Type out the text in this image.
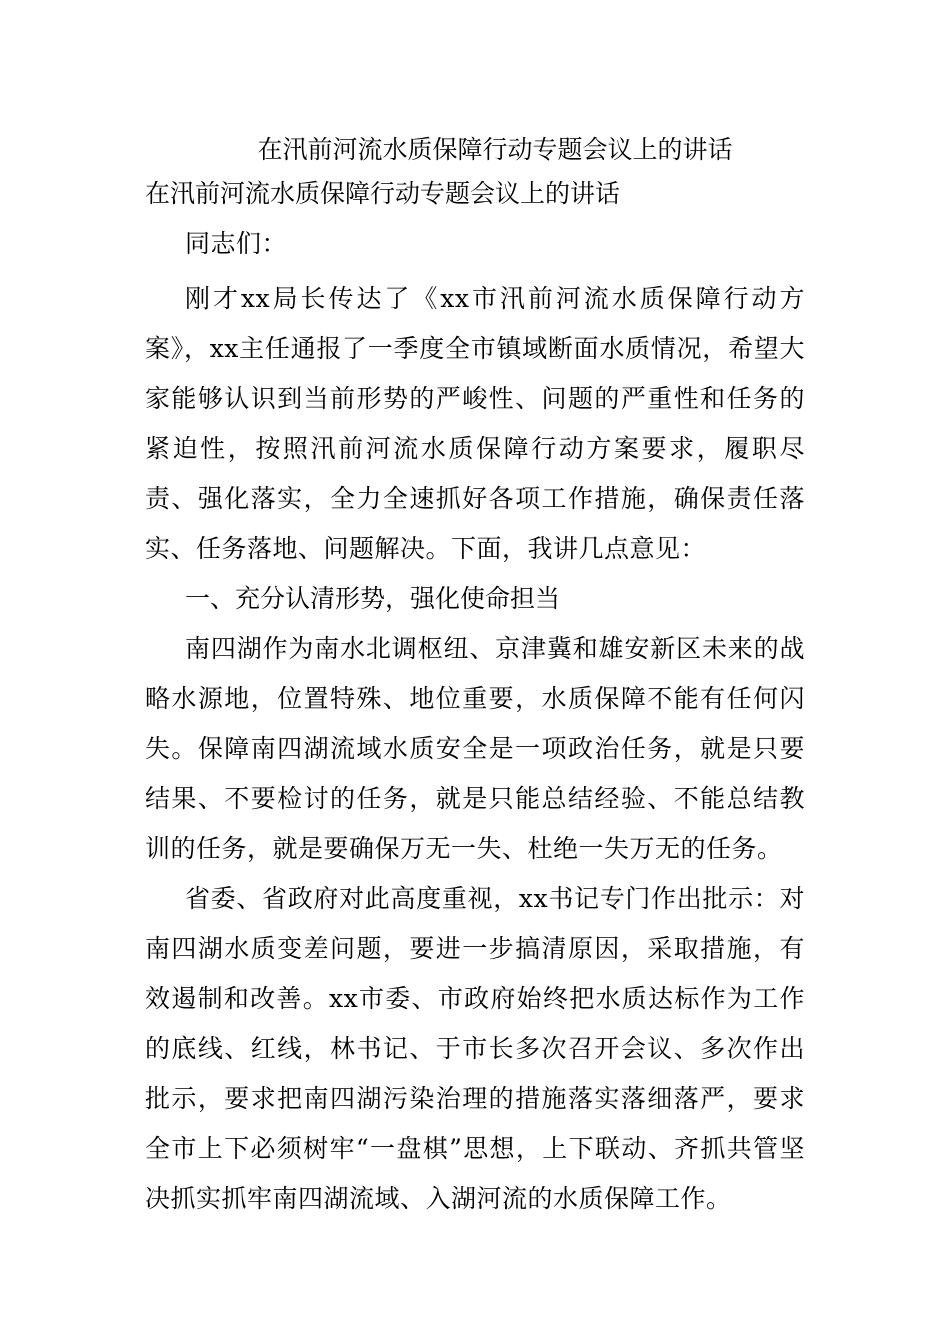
在汛前河流水质保障行动专题会议上的讲话

在汛前河流水质保障行动专题会议上的讲话

同志们：

刚才xx局长传达了《xx市汛前河流水质保障行动方案》，xx主任通报了一季度全市镇域断面水质情况，希望大家能够认识到当前形势的严峻性、问题的严重性和任务的紧迫性，按照汛前河流水质保障行动方案要求，履职尽责、强化落实，全力全速抓好各项工作措施，确保责任落实、任务落地、问题解决。下面，我讲几点意见：

一、充分认清形势，强化使命担当

南四湖作为南水北调枢纽、京津冀和雄安新区未来的战略水源地，位置特殊、地位重要，水质保障不能有任何闪失。保障南四湖流域水质安全是一项政治任务，就是只要结果、不要检讨的任务，就是只能总结经验、不能总结教训的任务，就是要确保万无一失、杜绝一失万无的任务。

省委、省政府对此高度重视，xx书记专门作出批示：对南四湖水质变差问题，要进一步搞清原因，采取措施，有效遏制和改善。xx市委、市政府始终把水质达标作为工作的底线、红线，林书记、于市长多次召开会议、多次作出批示，要求把南四湖污染治理的措施落实落细落严，要求全市上下必须树牢“一盘棋”思想，上下联动、齐抓共管坚决抓实抓牢南四湖流域、入湖河流的水质保障工作。
